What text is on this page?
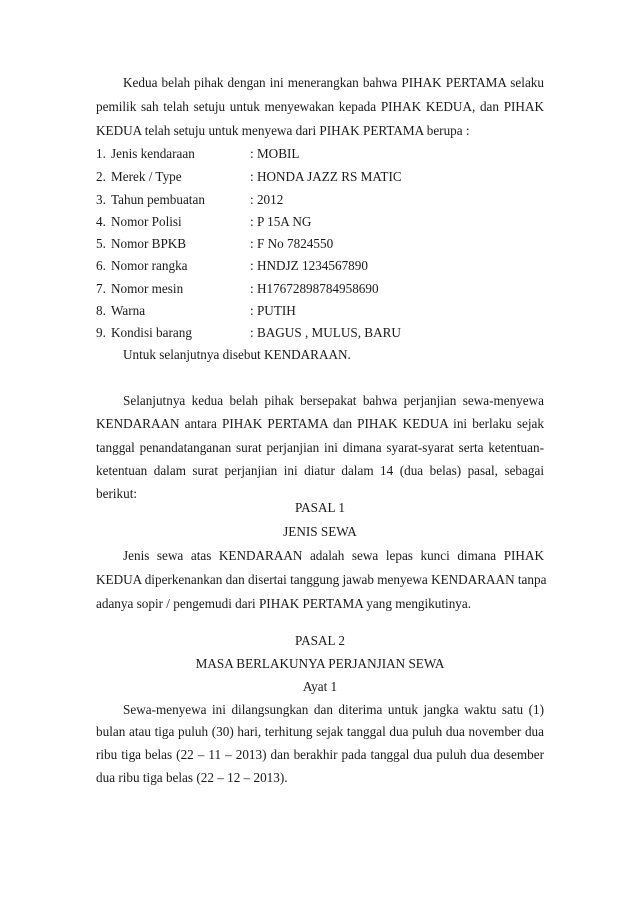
Kedua belah pihak dengan ini menerangkan bahwa PIHAK PERTAMA selaku
pemilik sah telah setuju untuk menyewakan kepada PIHAK KEDUA, dan PIHAK
KEDUA telah setuju untuk menyewa dari PIHAK PERTAMA berupa :
1. Jenis kendaraan	: MOBIL
2. Merek / Type	: HONDA JAZZ RS MATIC
3. Tahun pembuatan	: 2012
4. Nomor Polisi	: P 15A NG
5. Nomor BPKB	: F No 7824550
6. Nomor rangka	: HNDJZ 1234567890
7. Nomor mesin	: H17672898784958690
8. Warna	: PUTIH
9. Kondisi barang	: BAGUS , MULUS, BARU
Untuk selanjutnya disebut KENDARAAN.
Selanjutnya kedua belah pihak bersepakat bahwa perjanjian sewa-menyewa
KENDARAAN antara PIHAK PERTAMA dan PIHAK KEDUA ini berlaku sejak
tanggal penandatanganan surat perjanjian ini dimana syarat-syarat serta ketentuan-
ketentuan dalam surat perjanjian ini diatur dalam 14 (dua belas) pasal, sebagai
berikut:
PASAL 1
JENIS SEWA
Jenis sewa atas KENDARAAN adalah sewa lepas kunci dimana PIHAK
KEDUA diperkenankan dan disertai tanggung jawab menyewa KENDARAAN tanpa
adanya sopir / pengemudi dari PIHAK PERTAMA yang mengikutinya.
PASAL 2
MASA BERLAKUNYA PERJANJIAN SEWA
Ayat 1
Sewa-menyewa ini dilangsungkan dan diterima untuk jangka waktu satu (1)
bulan atau tiga puluh (30) hari, terhitung sejak tanggal dua puluh dua november dua
ribu tiga belas (22 – 11 – 2013) dan berakhir pada tanggal dua puluh dua desember
dua ribu tiga belas (22 – 12 – 2013).
